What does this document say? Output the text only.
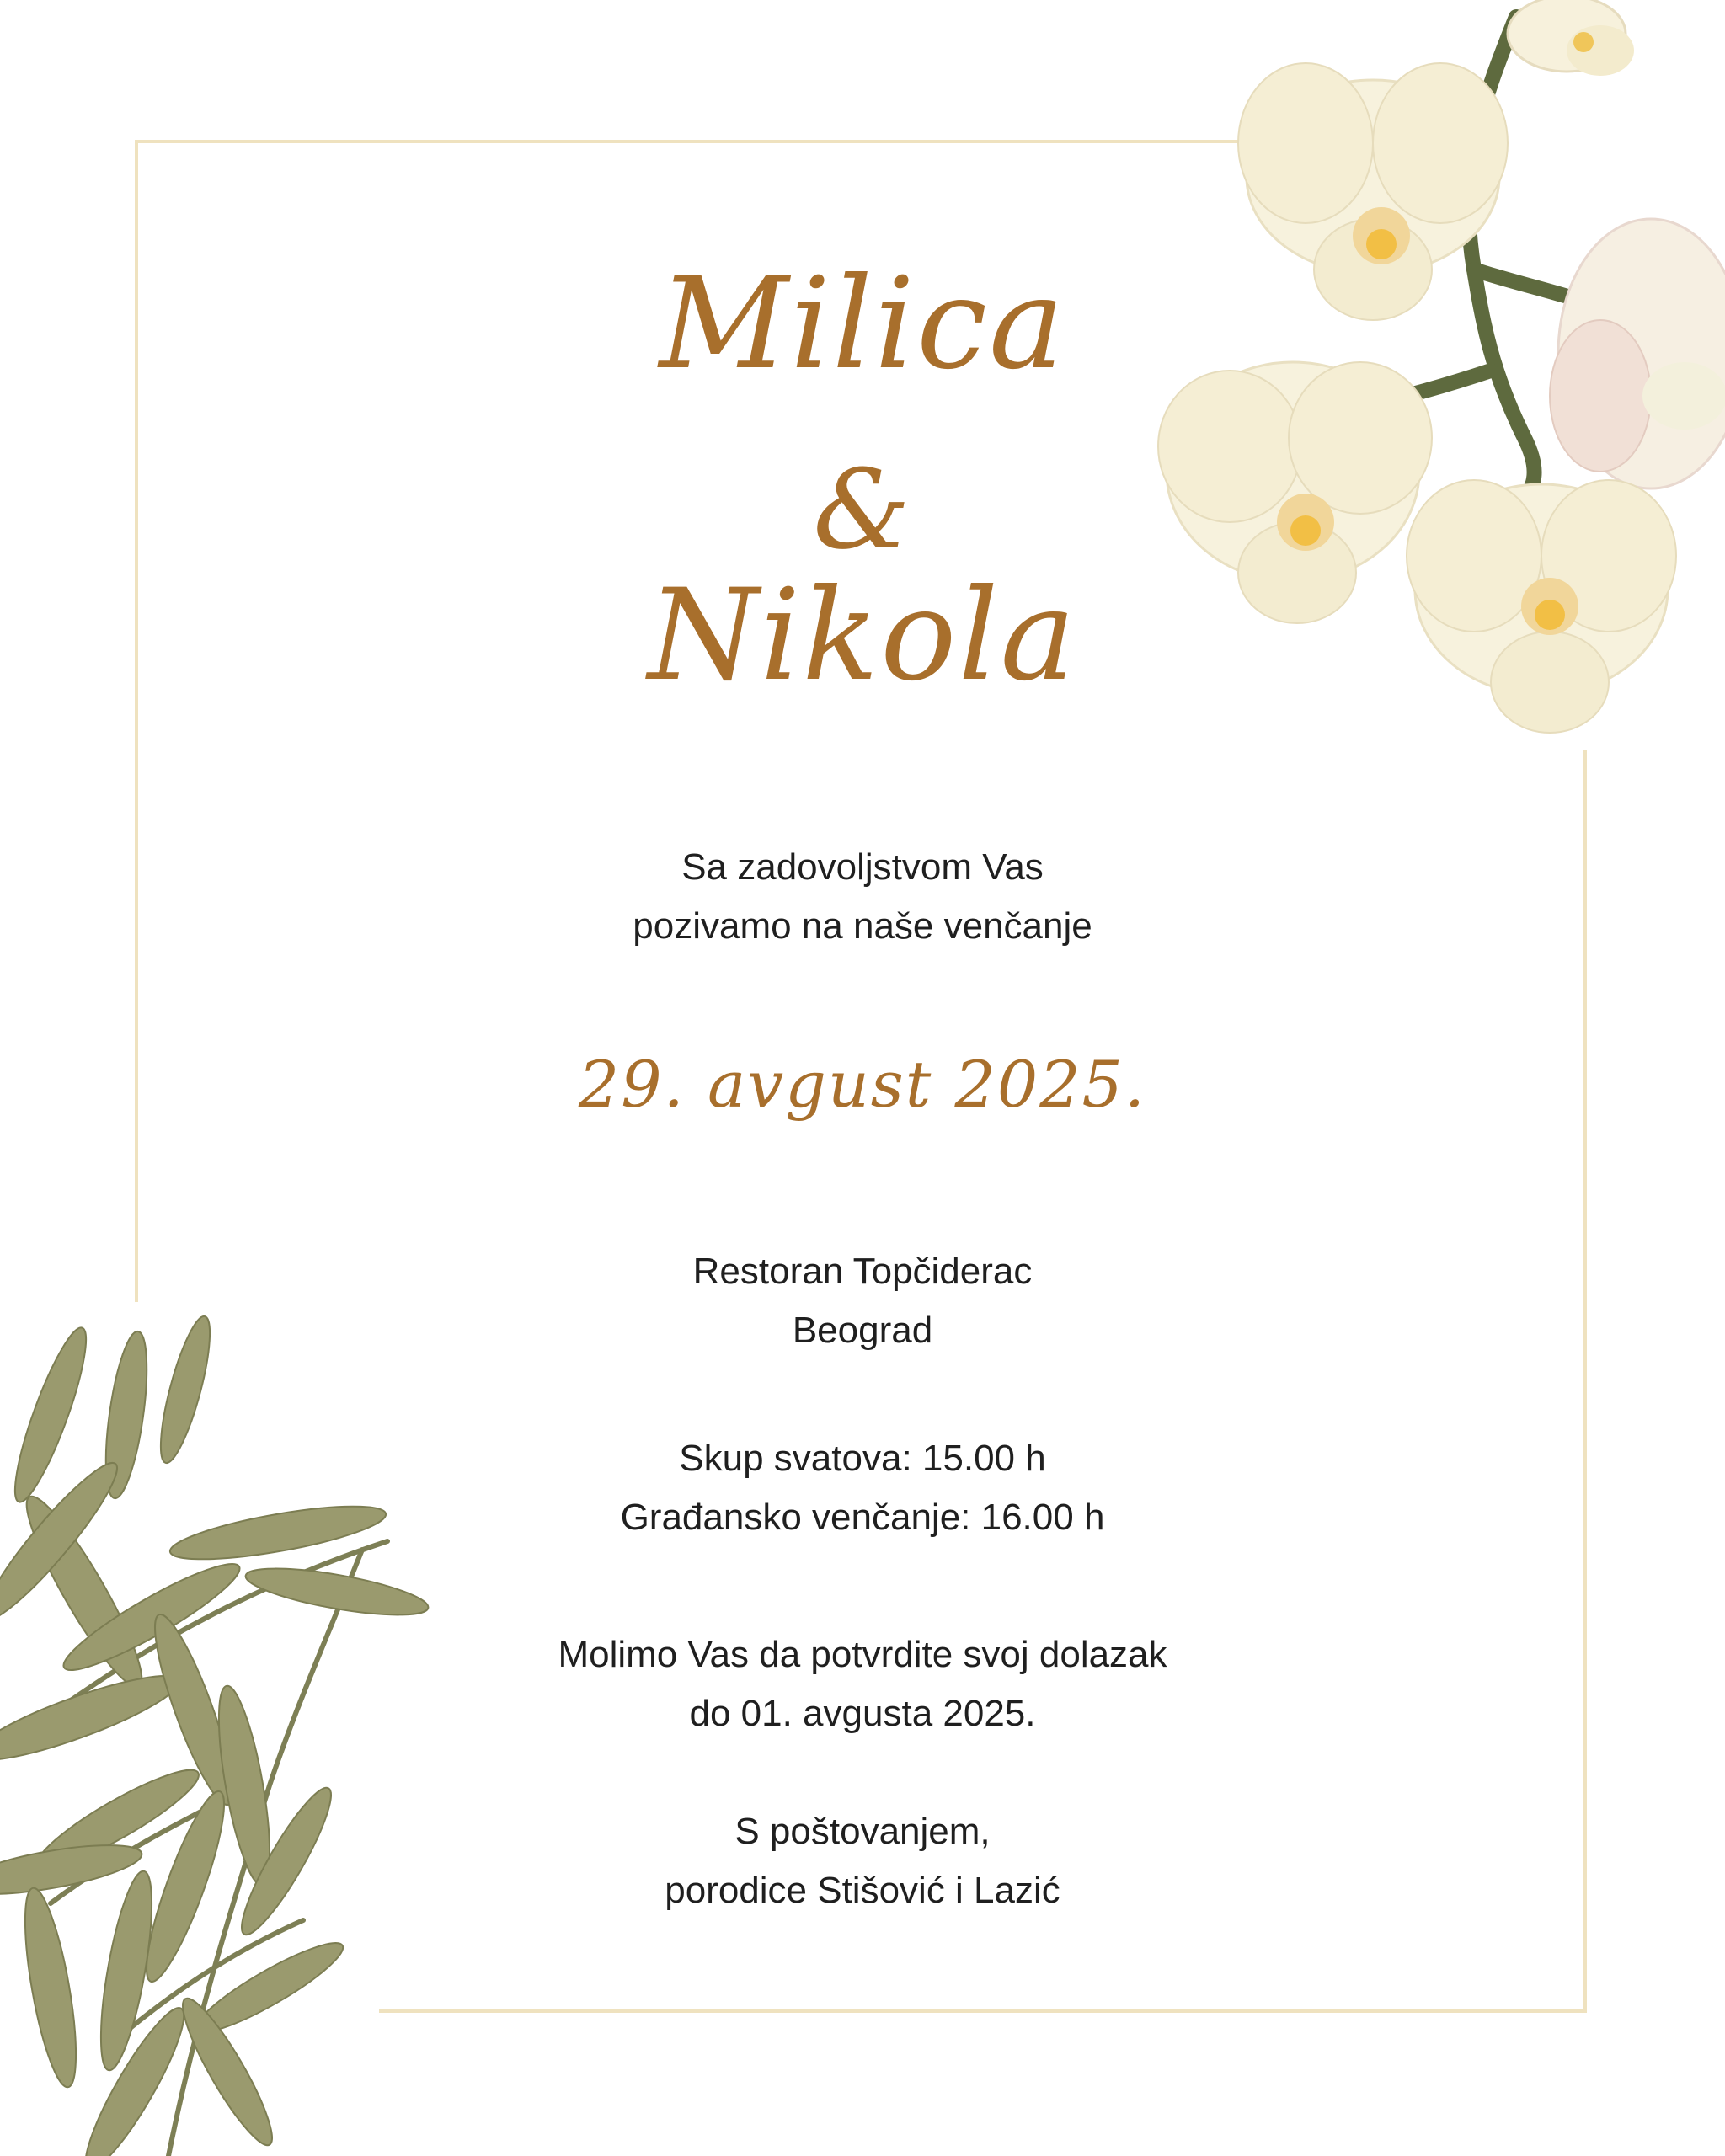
Milica
&
Nikola
Sa zadovoljstvom Vas
pozivamo na naše venčanje
29. avgust 2025.
Restoran Topčiderac
Beograd
Skup svatova: 15.00 h
Građansko venčanje: 16.00 h
Molimo Vas da potvrdite svoj dolazak
do 01. avgusta 2025.
S poštovanjem,
porodice Stišović i Lazić
